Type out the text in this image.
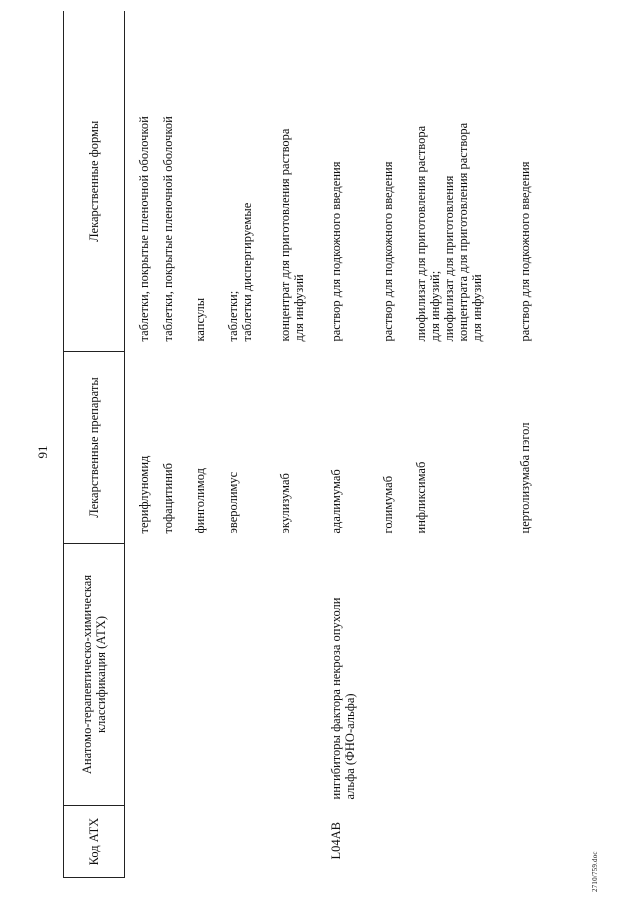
91
Код АТХ	Анатомо-терапевтическо-химическая классификация (АТХ)	Лекарственные препараты	Лекарственные формы
		терифлуномид	таблетки, покрытые пленочной оболочкой

		тофацитиниб	таблетки, покрытые пленочной оболочкой

		финголимод	капсулы

		эверолимус	таблетки; таблетки диспергируемые

		экулизумаб	концентрат для приготовления раствора для инфузий

L04AB	ингибиторы фактора некроза опухоли альфа (ФНО-альфа)	адалимумаб	раствор для подкожного введения

		голимумаб	раствор для подкожного введения

		инфликсимаб	лиофилизат для приготовления раствора для инфузий; лиофилизат для приготовления концентрата для приготовления раствора для инфузий

		цертолизумаба пэгол	раствор для подкожного введения
2710/759.doc
